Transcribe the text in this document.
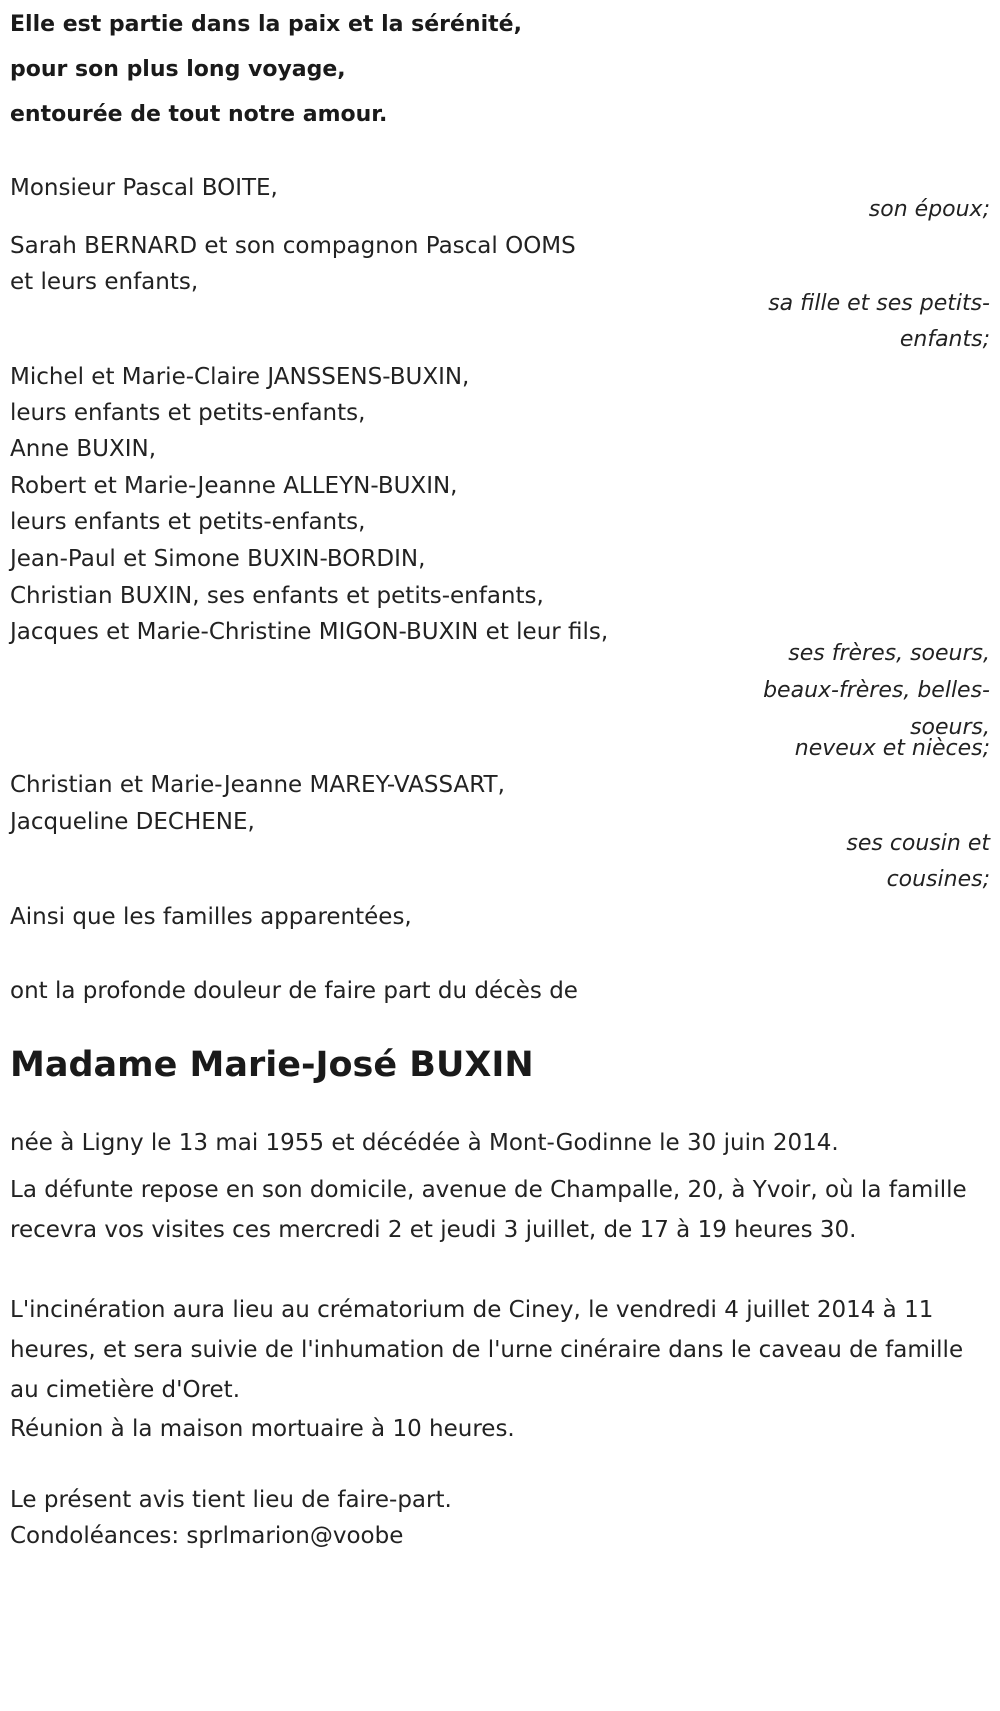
Elle est partie dans la paix et la sérénité,
pour son plus long voyage,
entourée de tout notre amour.
Monsieur Pascal BOITE,
son époux;
Sarah BERNARD et son compagnon Pascal OOMS
et leurs enfants,
sa fille et ses petits-
enfants;
Michel et Marie-Claire JANSSENS-BUXIN,
leurs enfants et petits-enfants,
Anne BUXIN,
Robert et Marie-Jeanne ALLEYN-BUXIN,
leurs enfants et petits-enfants,
Jean-Paul et Simone BUXIN-BORDIN,
Christian BUXIN, ses enfants et petits-enfants,
Jacques et Marie-Christine MIGON-BUXIN et leur fils,
ses frères, soeurs,
beaux-frères, belles-
soeurs,
neveux et nièces;
Christian et Marie-Jeanne MAREY-VASSART,
Jacqueline DECHENE,
ses cousin et
cousines;
Ainsi que les familles apparentées,
ont la profonde douleur de faire part du décès de
Madame Marie-José BUXIN
née à Ligny le 13 mai 1955 et décédée à Mont-Godinne le 30 juin 2014.
La défunte repose en son domicile, avenue de Champalle, 20, à Yvoir, où la famille recevra vos visites ces mercredi 2 et jeudi 3 juillet, de 17 à 19 heures 30.
L'incinération aura lieu au crématorium de Ciney, le vendredi 4 juillet 2014 à 11 heures, et sera suivie de l'inhumation de l'urne cinéraire dans le caveau de famille au cimetière d'Oret.
Réunion à la maison mortuaire à 10 heures.
Le présent avis tient lieu de faire-part.
Condoléances: sprlmarion@voobe
